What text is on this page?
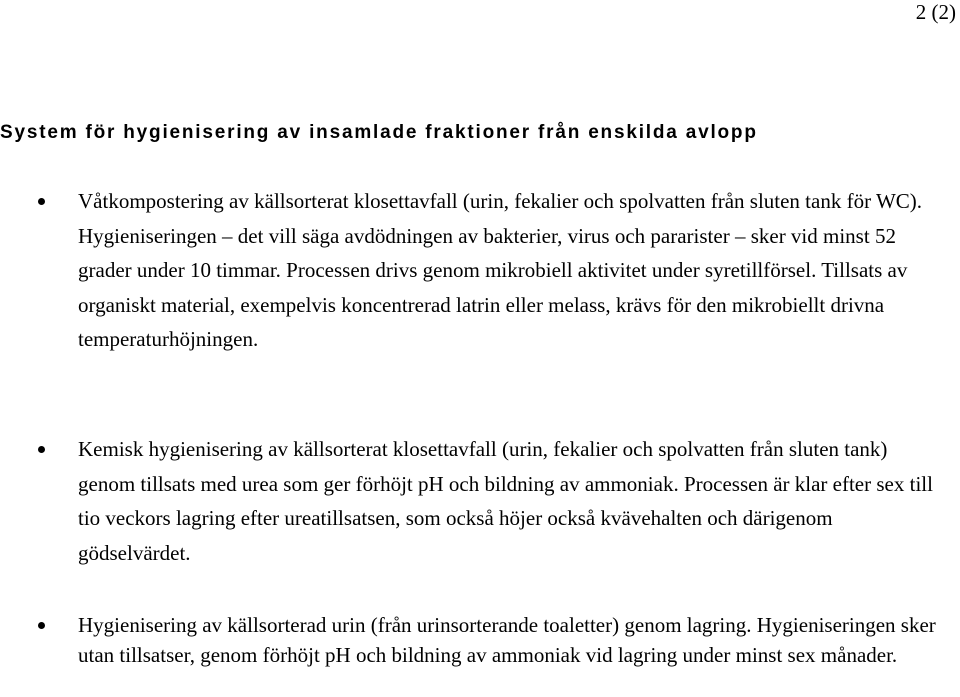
2 (2)
System för hygienisering av insamlade fraktioner från enskilda avlopp
Våtkompostering av källsorterat klosettavfall (urin, fekalier och spolvatten från sluten tank för WC). Hygieniseringen – det vill säga avdödningen av bakterier, virus och pararister – sker vid minst 52 grader under 10 timmar. Processen drivs genom mikrobiell aktivitet under syretillförsel. Tillsats av organiskt material, exempelvis koncentrerad latrin eller melass, krävs för den mikrobiellt drivna temperaturhöjningen.
Kemisk hygienisering av källsorterat klosettavfall (urin, fekalier och spolvatten från sluten tank) genom tillsats med urea som ger förhöjt pH och bildning av ammoniak. Processen är klar efter sex till tio veckors lagring efter ureatillsatsen, som också höjer också kvävehalten och därigenom gödselvärdet.
Hygienisering av källsorterad urin (från urinsorterande toaletter) genom lagring. Hygieniseringen sker utan tillsatser, genom förhöjt pH och bildning av ammoniak vid lagring under minst sex månader.
